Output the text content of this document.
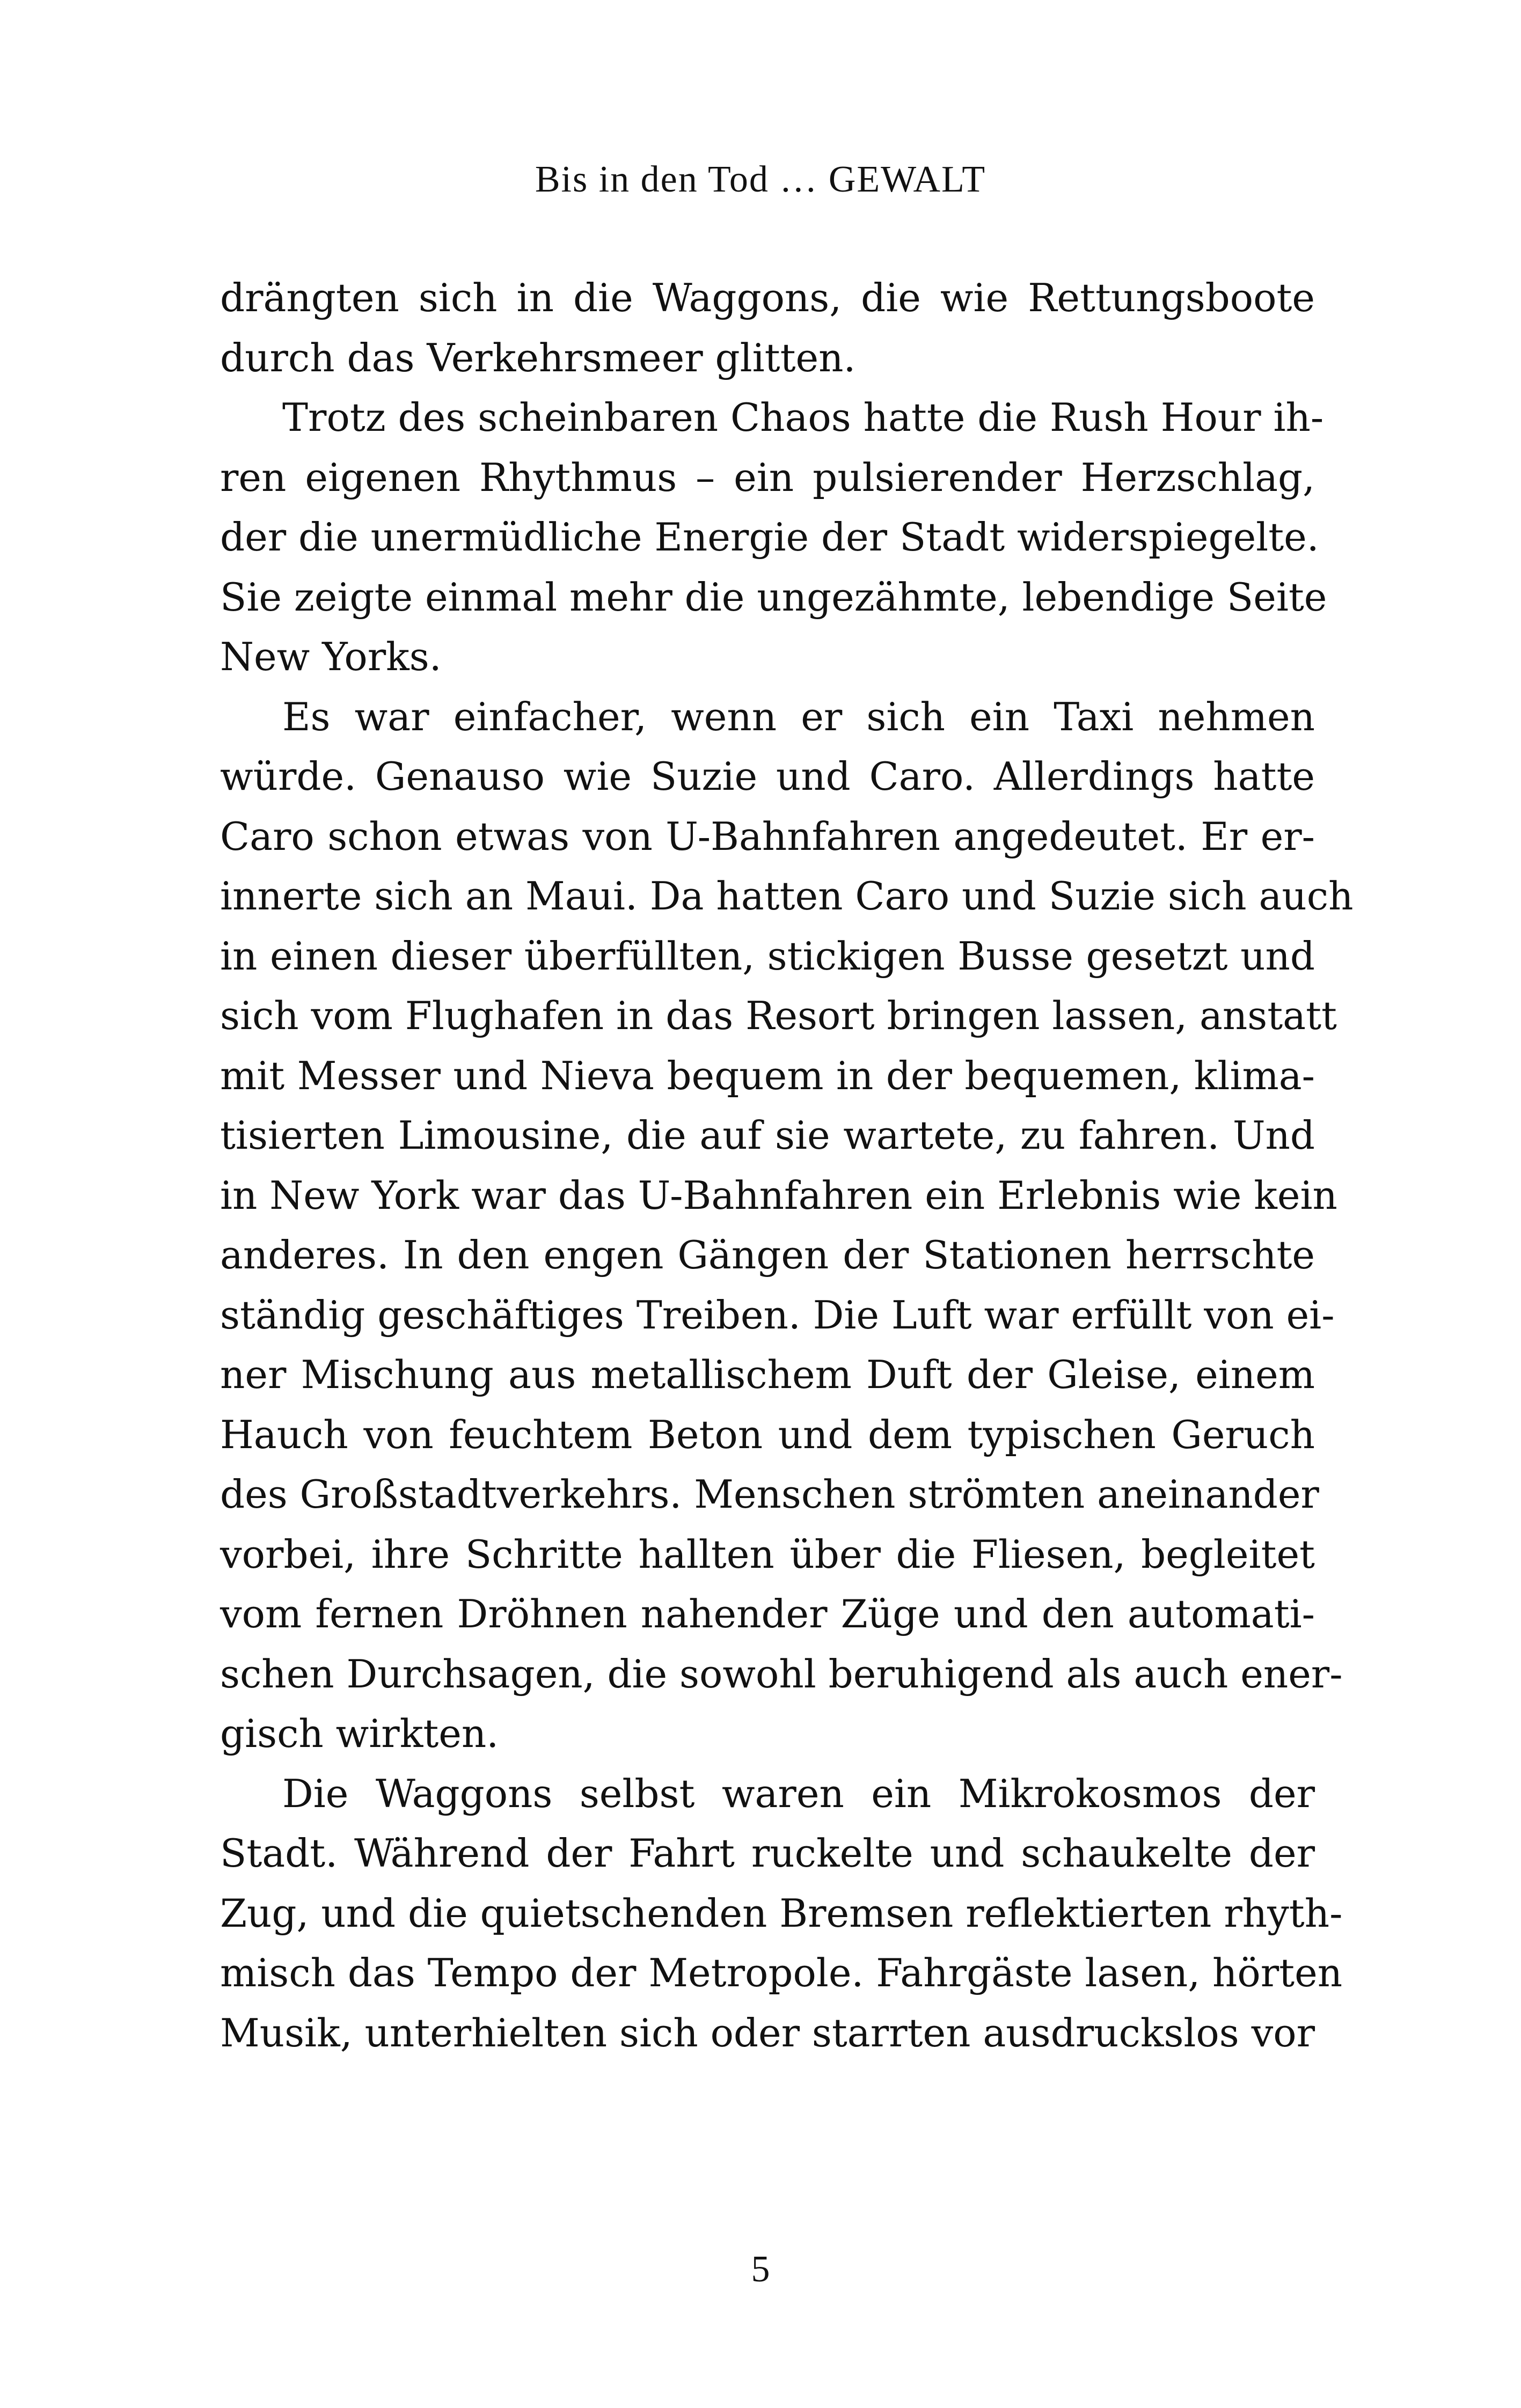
Bis in den Tod … GEWALT

drängten sich in die Waggons, die wie Rettungsboote
durch das Verkehrsmeer glitten.

Trotz des scheinbaren Chaos hatte die Rush Hour ih-
ren eigenen Rhythmus – ein pulsierender Herzschlag,
der die unermüdliche Energie der Stadt widerspiegelte.
Sie zeigte einmal mehr die ungezähmte, lebendige Seite
New Yorks.

Es war einfacher, wenn er sich ein Taxi nehmen
würde. Genauso wie Suzie und Caro. Allerdings hatte
Caro schon etwas von U-Bahnfahren angedeutet. Er er-
innerte sich an Maui. Da hatten Caro und Suzie sich auch
in einen dieser überfüllten, stickigen Busse gesetzt und
sich vom Flughafen in das Resort bringen lassen, anstatt
mit Messer und Nieva bequem in der bequemen, klima-
tisierten Limousine, die auf sie wartete, zu fahren. Und
in New York war das U-Bahnfahren ein Erlebnis wie kein
anderes. In den engen Gängen der Stationen herrschte
ständig geschäftiges Treiben. Die Luft war erfüllt von ei-
ner Mischung aus metallischem Duft der Gleise, einem
Hauch von feuchtem Beton und dem typischen Geruch
des Großstadtverkehrs. Menschen strömten aneinander
vorbei, ihre Schritte hallten über die Fliesen, begleitet
vom fernen Dröhnen nahender Züge und den automati-
schen Durchsagen, die sowohl beruhigend als auch ener-
gisch wirkten.

Die Waggons selbst waren ein Mikrokosmos der
Stadt. Während der Fahrt ruckelte und schaukelte der
Zug, und die quietschenden Bremsen reflektierten rhyth-
misch das Tempo der Metropole. Fahrgäste lasen, hörten
Musik, unterhielten sich oder starrten ausdruckslos vor

5
